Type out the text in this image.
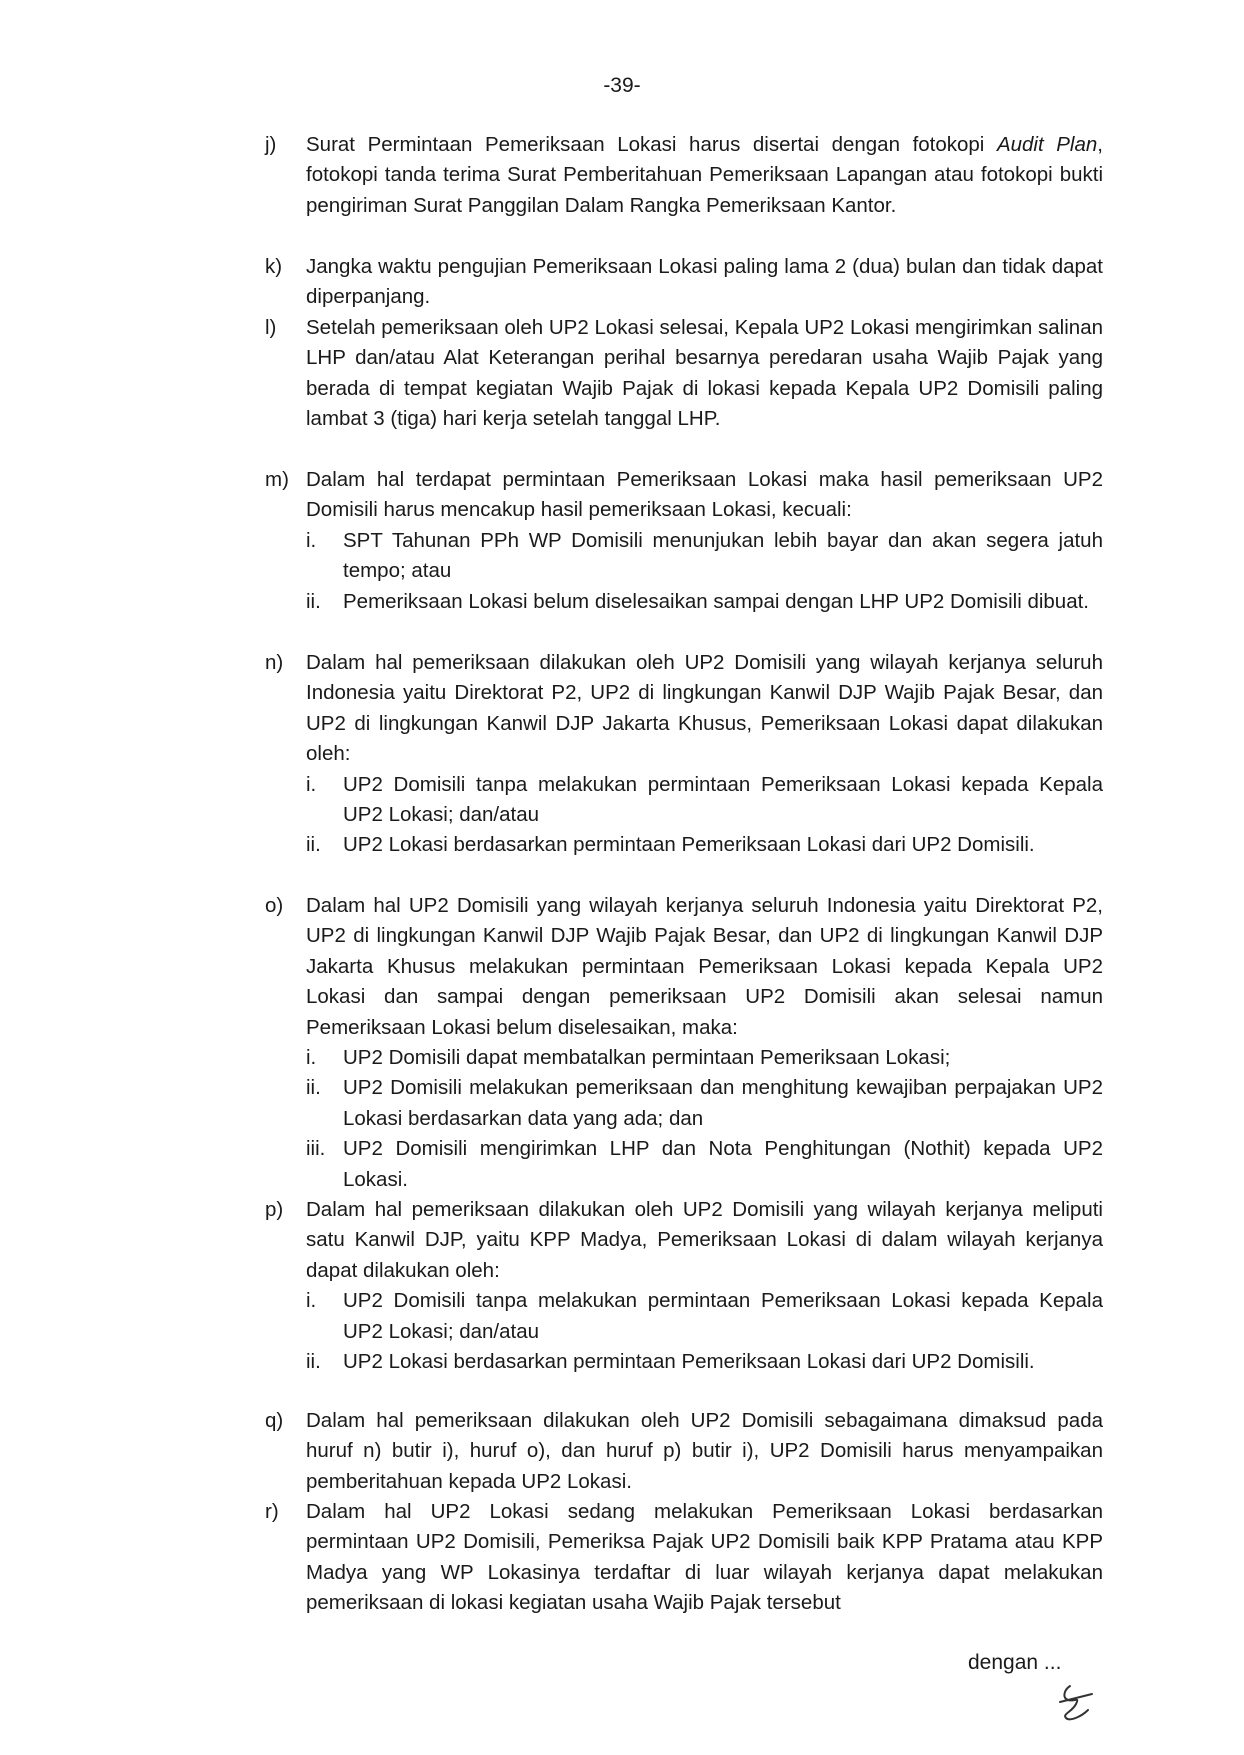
-39-
j) Surat Permintaan Pemeriksaan Lokasi harus disertai dengan fotokopi Audit Plan, fotokopi tanda terima Surat Pemberitahuan Pemeriksaan Lapangan atau fotokopi bukti pengiriman Surat Panggilan Dalam Rangka Pemeriksaan Kantor.
k) Jangka waktu pengujian Pemeriksaan Lokasi paling lama 2 (dua) bulan dan tidak dapat diperpanjang.
l) Setelah pemeriksaan oleh UP2 Lokasi selesai, Kepala UP2 Lokasi mengirimkan salinan LHP dan/atau Alat Keterangan perihal besarnya peredaran usaha Wajib Pajak yang berada di tempat kegiatan Wajib Pajak di lokasi kepada Kepala UP2 Domisili paling lambat 3 (tiga) hari kerja setelah tanggal LHP.
m) Dalam hal terdapat permintaan Pemeriksaan Lokasi maka hasil pemeriksaan UP2 Domisili harus mencakup hasil pemeriksaan Lokasi, kecuali:
i. SPT Tahunan PPh WP Domisili menunjukan lebih bayar dan akan segera jatuh tempo; atau
ii. Pemeriksaan Lokasi belum diselesaikan sampai dengan LHP UP2 Domisili dibuat.
n) Dalam hal pemeriksaan dilakukan oleh UP2 Domisili yang wilayah kerjanya seluruh Indonesia yaitu Direktorat P2, UP2 di lingkungan Kanwil DJP Wajib Pajak Besar, dan UP2 di lingkungan Kanwil DJP Jakarta Khusus, Pemeriksaan Lokasi dapat dilakukan oleh:
i. UP2 Domisili tanpa melakukan permintaan Pemeriksaan Lokasi kepada Kepala UP2 Lokasi; dan/atau
ii. UP2 Lokasi berdasarkan permintaan Pemeriksaan Lokasi dari UP2 Domisili.
o) Dalam hal UP2 Domisili yang wilayah kerjanya seluruh Indonesia yaitu Direktorat P2, UP2 di lingkungan Kanwil DJP Wajib Pajak Besar, dan UP2 di lingkungan Kanwil DJP Jakarta Khusus melakukan permintaan Pemeriksaan Lokasi kepada Kepala UP2 Lokasi dan sampai dengan pemeriksaan UP2 Domisili akan selesai namun Pemeriksaan Lokasi belum diselesaikan, maka:
i. UP2 Domisili dapat membatalkan permintaan Pemeriksaan Lokasi;
ii. UP2 Domisili melakukan pemeriksaan dan menghitung kewajiban perpajakan UP2 Lokasi berdasarkan data yang ada; dan
iii. UP2 Domisili mengirimkan LHP dan Nota Penghitungan (Nothit) kepada UP2 Lokasi.
p) Dalam hal pemeriksaan dilakukan oleh UP2 Domisili yang wilayah kerjanya meliputi satu Kanwil DJP, yaitu KPP Madya, Pemeriksaan Lokasi di dalam wilayah kerjanya dapat dilakukan oleh:
i. UP2 Domisili tanpa melakukan permintaan Pemeriksaan Lokasi kepada Kepala UP2 Lokasi; dan/atau
ii. UP2 Lokasi berdasarkan permintaan Pemeriksaan Lokasi dari UP2 Domisili.
q) Dalam hal pemeriksaan dilakukan oleh UP2 Domisili sebagaimana dimaksud pada huruf n) butir i), huruf o), dan huruf p) butir i), UP2 Domisili harus menyampaikan pemberitahuan kepada UP2 Lokasi.
r) Dalam hal UP2 Lokasi sedang melakukan Pemeriksaan Lokasi berdasarkan permintaan UP2 Domisili, Pemeriksa Pajak UP2 Domisili baik KPP Pratama atau KPP Madya yang WP Lokasinya terdaftar di luar wilayah kerjanya dapat melakukan pemeriksaan di lokasi kegiatan usaha Wajib Pajak tersebut
dengan ...
